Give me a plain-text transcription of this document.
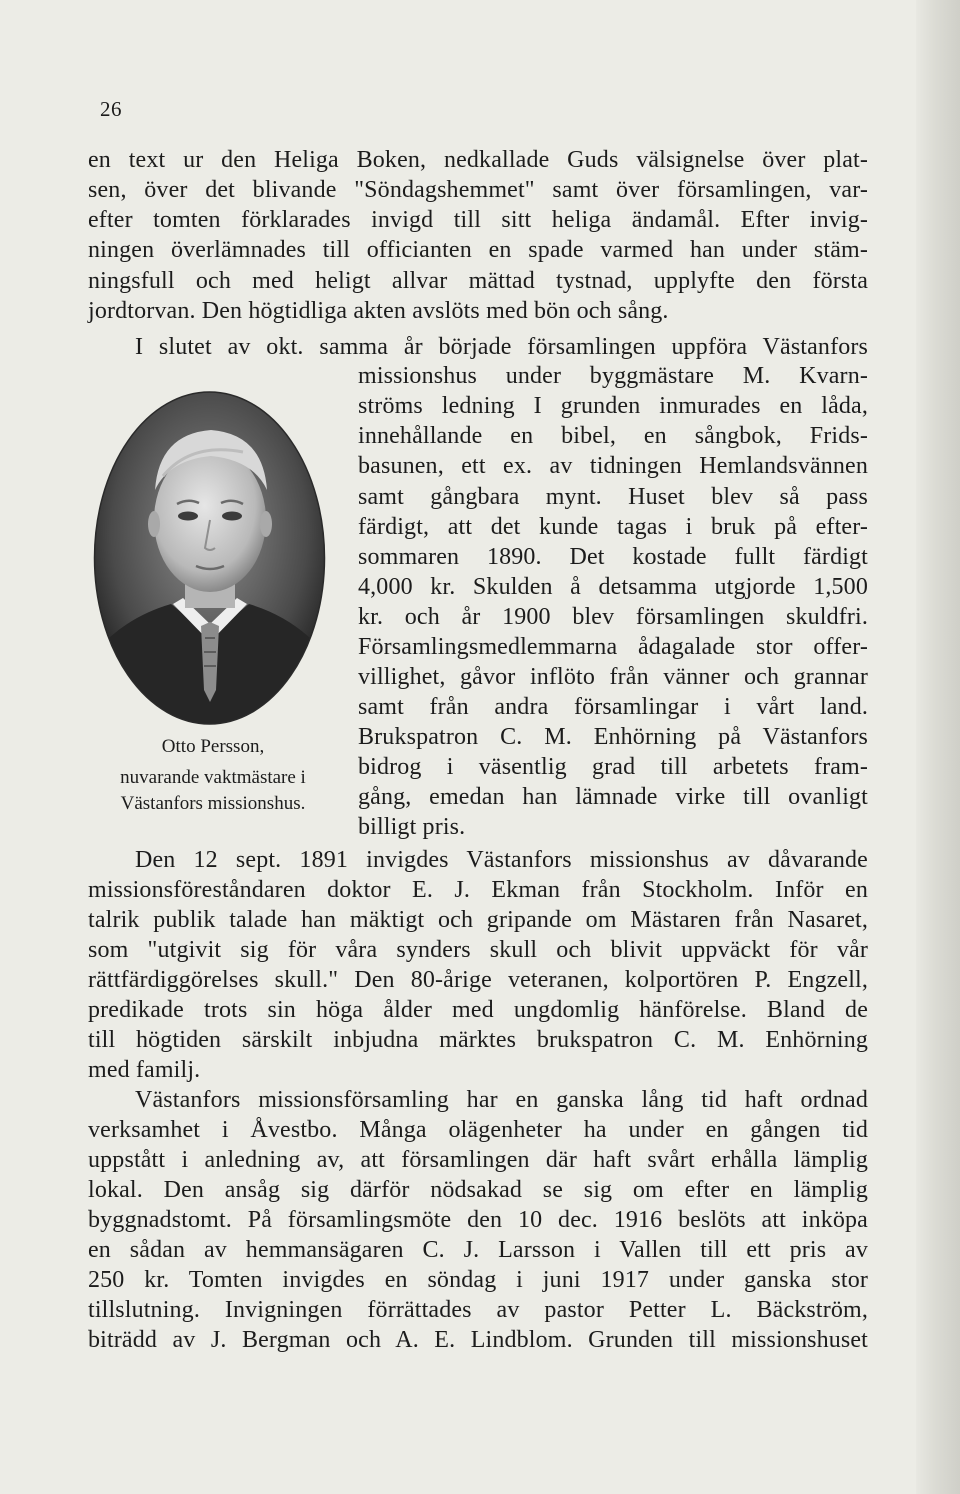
26
en text ur den Heliga Boken, nedkallade Guds välsignelse över plat-
sen, över det blivande "Söndagshemmet" samt över församlingen, var-
efter tomten förklarades invigd till sitt heliga ändamål. Efter invig-
ningen överlämnades till officianten en spade varmed han under stäm-
ningsfull och med heligt allvar mättad tystnad, upplyfte den första
jordtorvan. Den högtidliga akten avslöts med bön och sång.
I slutet av okt. samma år började församlingen uppföra Västanfors
missionshus under byggmästare M. Kvarn-
ströms ledning I grunden inmurades en låda,
innehållande en bibel, en sångbok, Frids-
basunen, ett ex. av tidningen Hemlandsvännen
samt gångbara mynt. Huset blev så pass
färdigt, att det kunde tagas i bruk på efter-
sommaren 1890. Det kostade fullt färdigt
4,000 kr. Skulden å detsamma utgjorde 1,500
kr. och år 1900 blev församlingen skuldfri.
Församlingsmedlemmarna ådagalade stor offer-
villighet, gåvor inflöto från vänner och grannar
samt från andra församlingar i vårt land.
Brukspatron C. M. Enhörning på Västanfors
bidrog i väsentlig grad till arbetets fram-
gång, emedan han lämnade virke till ovanligt
billigt pris.
Otto Persson,
nuvarande vaktmästare i
Västanfors missionshus.
Den 12 sept. 1891 invigdes Västanfors missionshus av dåvarande
missionsföreståndaren doktor E. J. Ekman från Stockholm. Inför en
talrik publik talade han mäktigt och gripande om Mästaren från Nasaret,
som "utgivit sig för våra synders skull och blivit uppväckt för vår
rättfärdiggörelses skull." Den 80-årige veteranen, kolportören P. Engzell,
predikade trots sin höga ålder med ungdomlig hänförelse. Bland de
till högtiden särskilt inbjudna märktes brukspatron C. M. Enhörning
med familj.
Västanfors missionsförsamling har en ganska lång tid haft ordnad
verksamhet i Åvestbo. Många olägenheter ha under en gången tid
uppstått i anledning av, att församlingen där haft svårt erhålla lämplig
lokal. Den ansåg sig därför nödsakad se sig om efter en lämplig
byggnadstomt. På församlingsmöte den 10 dec. 1916 beslöts att inköpa
en sådan av hemmansägaren C. J. Larsson i Vallen till ett pris av
250 kr. Tomten invigdes en söndag i juni 1917 under ganska stor
tillslutning. Invigningen förrättades av pastor Petter L. Bäckström,
biträdd av J. Bergman och A. E. Lindblom. Grunden till missionshuset
